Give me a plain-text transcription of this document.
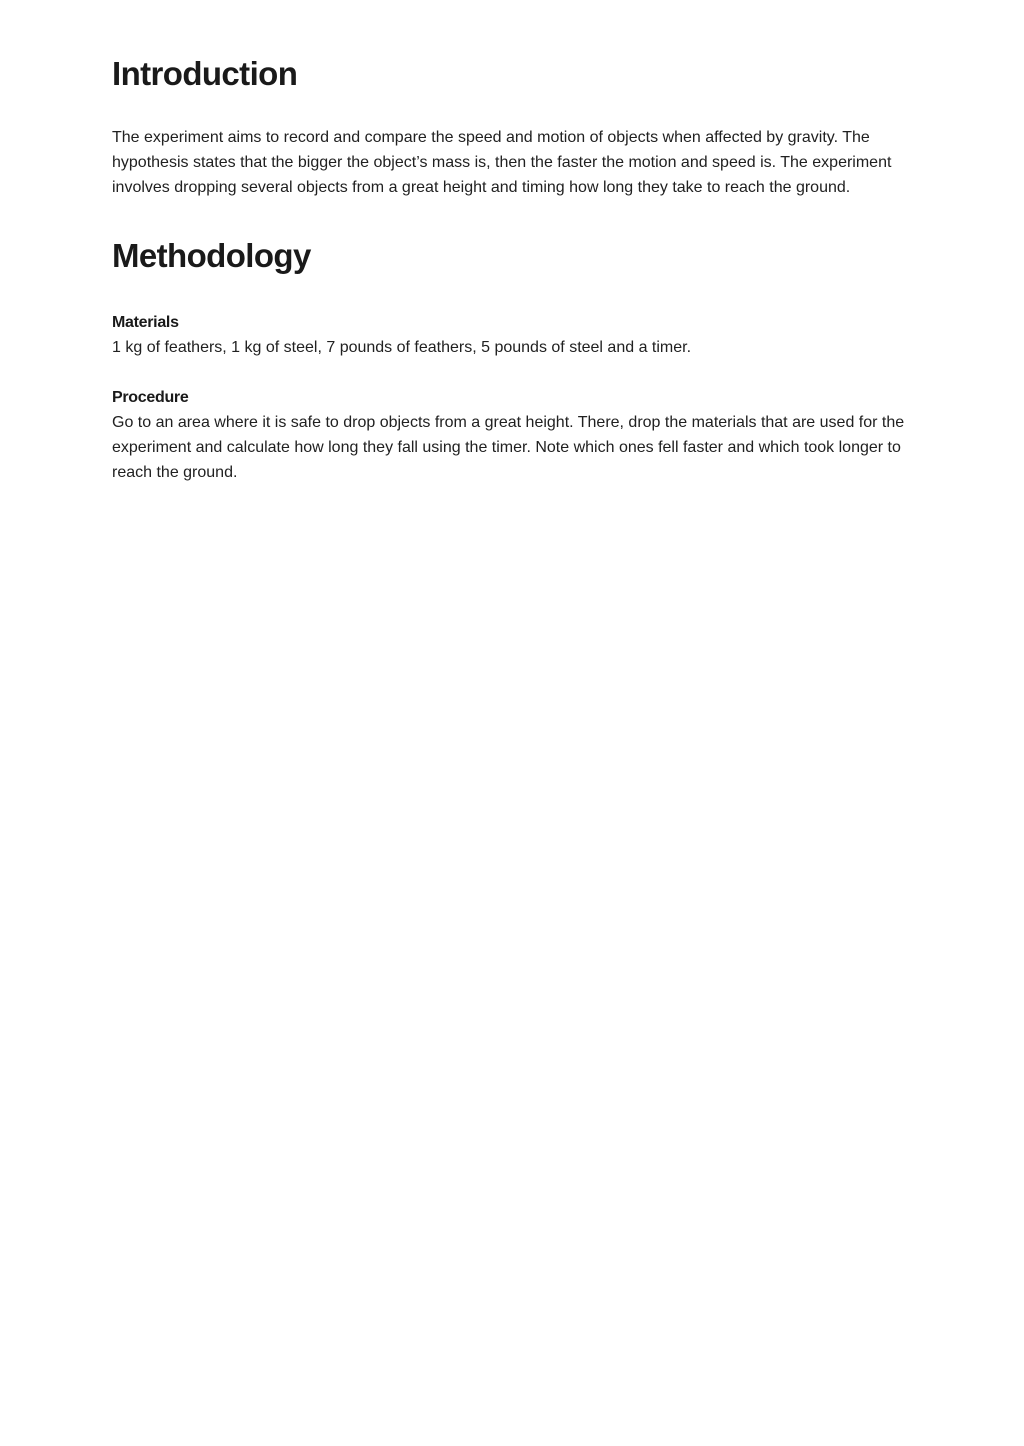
Introduction

The experiment aims to record and compare the speed and motion of objects when affected by gravity. The hypothesis states that the bigger the object’s mass is, then the faster the motion and speed is. The experiment involves dropping several objects from a great height and timing how long they take to reach the ground.

Methodology
Materials

1 kg of feathers, 1 kg of steel, 7 pounds of feathers, 5 pounds of steel and a timer.

Procedure

Go to an area where it is safe to drop objects from a great height. There, drop the materials that are used for the experiment and calculate how long they fall using the timer. Note which ones fell faster and which took longer to reach the ground.
